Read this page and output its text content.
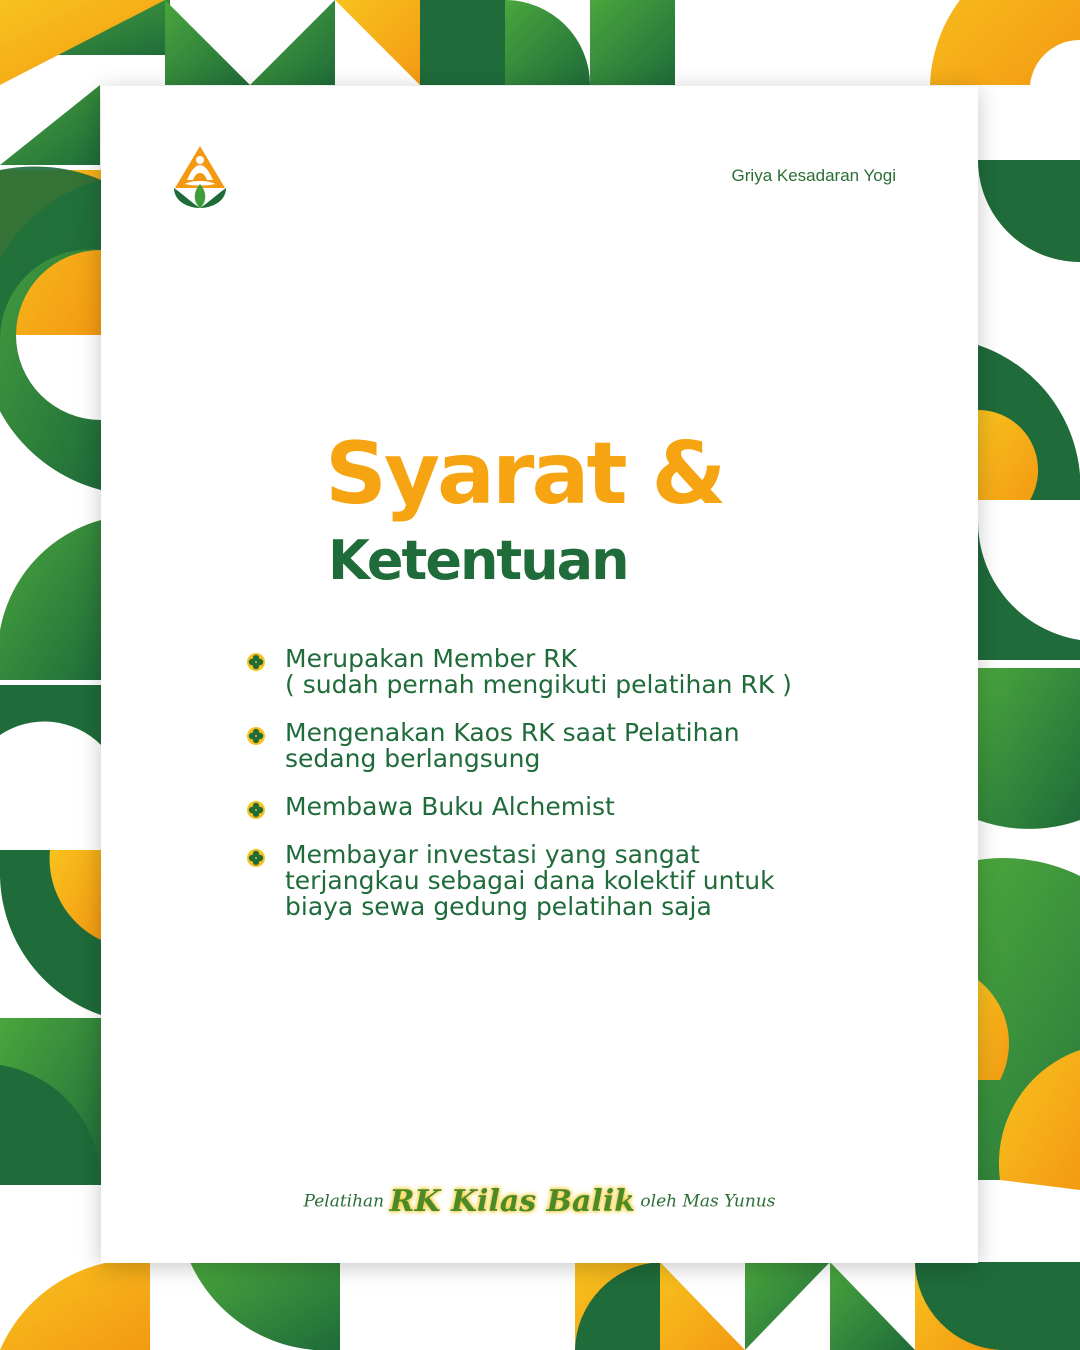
Griya Kesadaran Yogi
Syarat &
Ketentuan
Merupakan Member RK
( sudah pernah mengikuti pelatihan RK )
Mengenakan Kaos RK saat Pelatihan
sedang berlangsung
Membawa Buku Alchemist
Membayar investasi yang sangat
terjangkau sebagai dana kolektif untuk
biaya sewa gedung pelatihan saja
Pelatihan RK Kilas Balik oleh Mas Yunus
